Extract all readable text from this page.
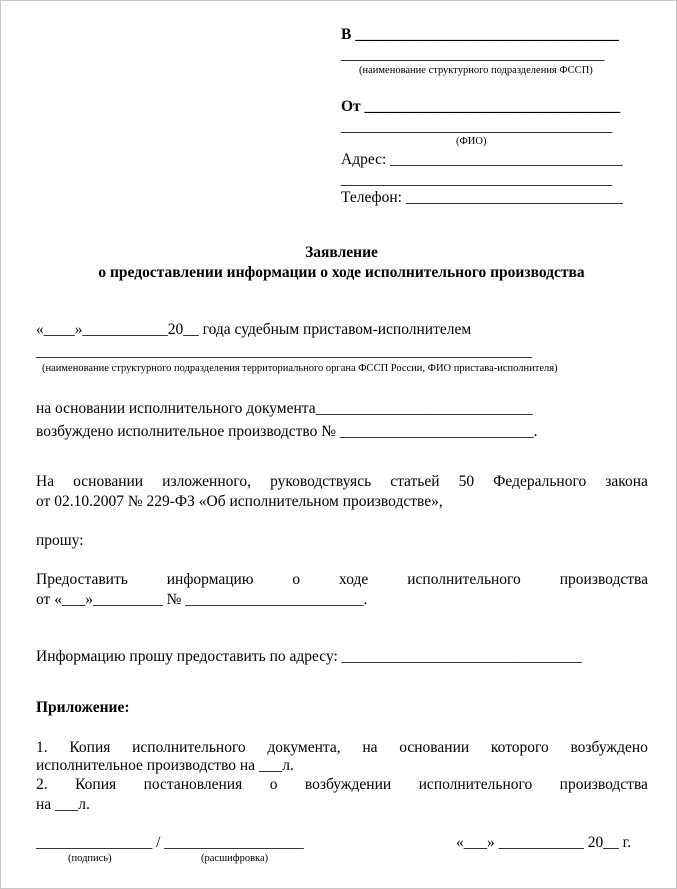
В __________________________________
__________________________________
(наименование структурного подразделения ФССП)
От _________________________________
___________________________________
(ФИО)
Адрес: ______________________________
___________________________________
Телефон: ____________________________
Заявление
о предоставлении информации о ходе исполнительного производства
«____»___________20__ года судебным приставом-исполнителем
________________________________________________________________
(наименование структурного подразделения территориального органа ФССП России, ФИО пристава-исполнителя)
на основании исполнительного документа____________________________
возбуждено исполнительное производство № _________________________.
На основании изложенного, руководствуясь статьей 50 Федерального закона
от 02.10.2007 № 229-ФЗ «Об исполнительном производстве»,
прошу:
Предоставить	информацию	о	ходе	исполнительного	производства
от «___»_________ № _______________________.
Информацию прошу предоставить по адресу: _______________________________
Приложение:
1. Копия исполнительного документа, на основании которого возбуждено
исполнительное производство на ___л.
2. Копия постановления о возбуждении исполнительного производства
на ___л.
_______________ / __________________	«___» ___________ 20__ г.
(подпись)	(расшифровка)
